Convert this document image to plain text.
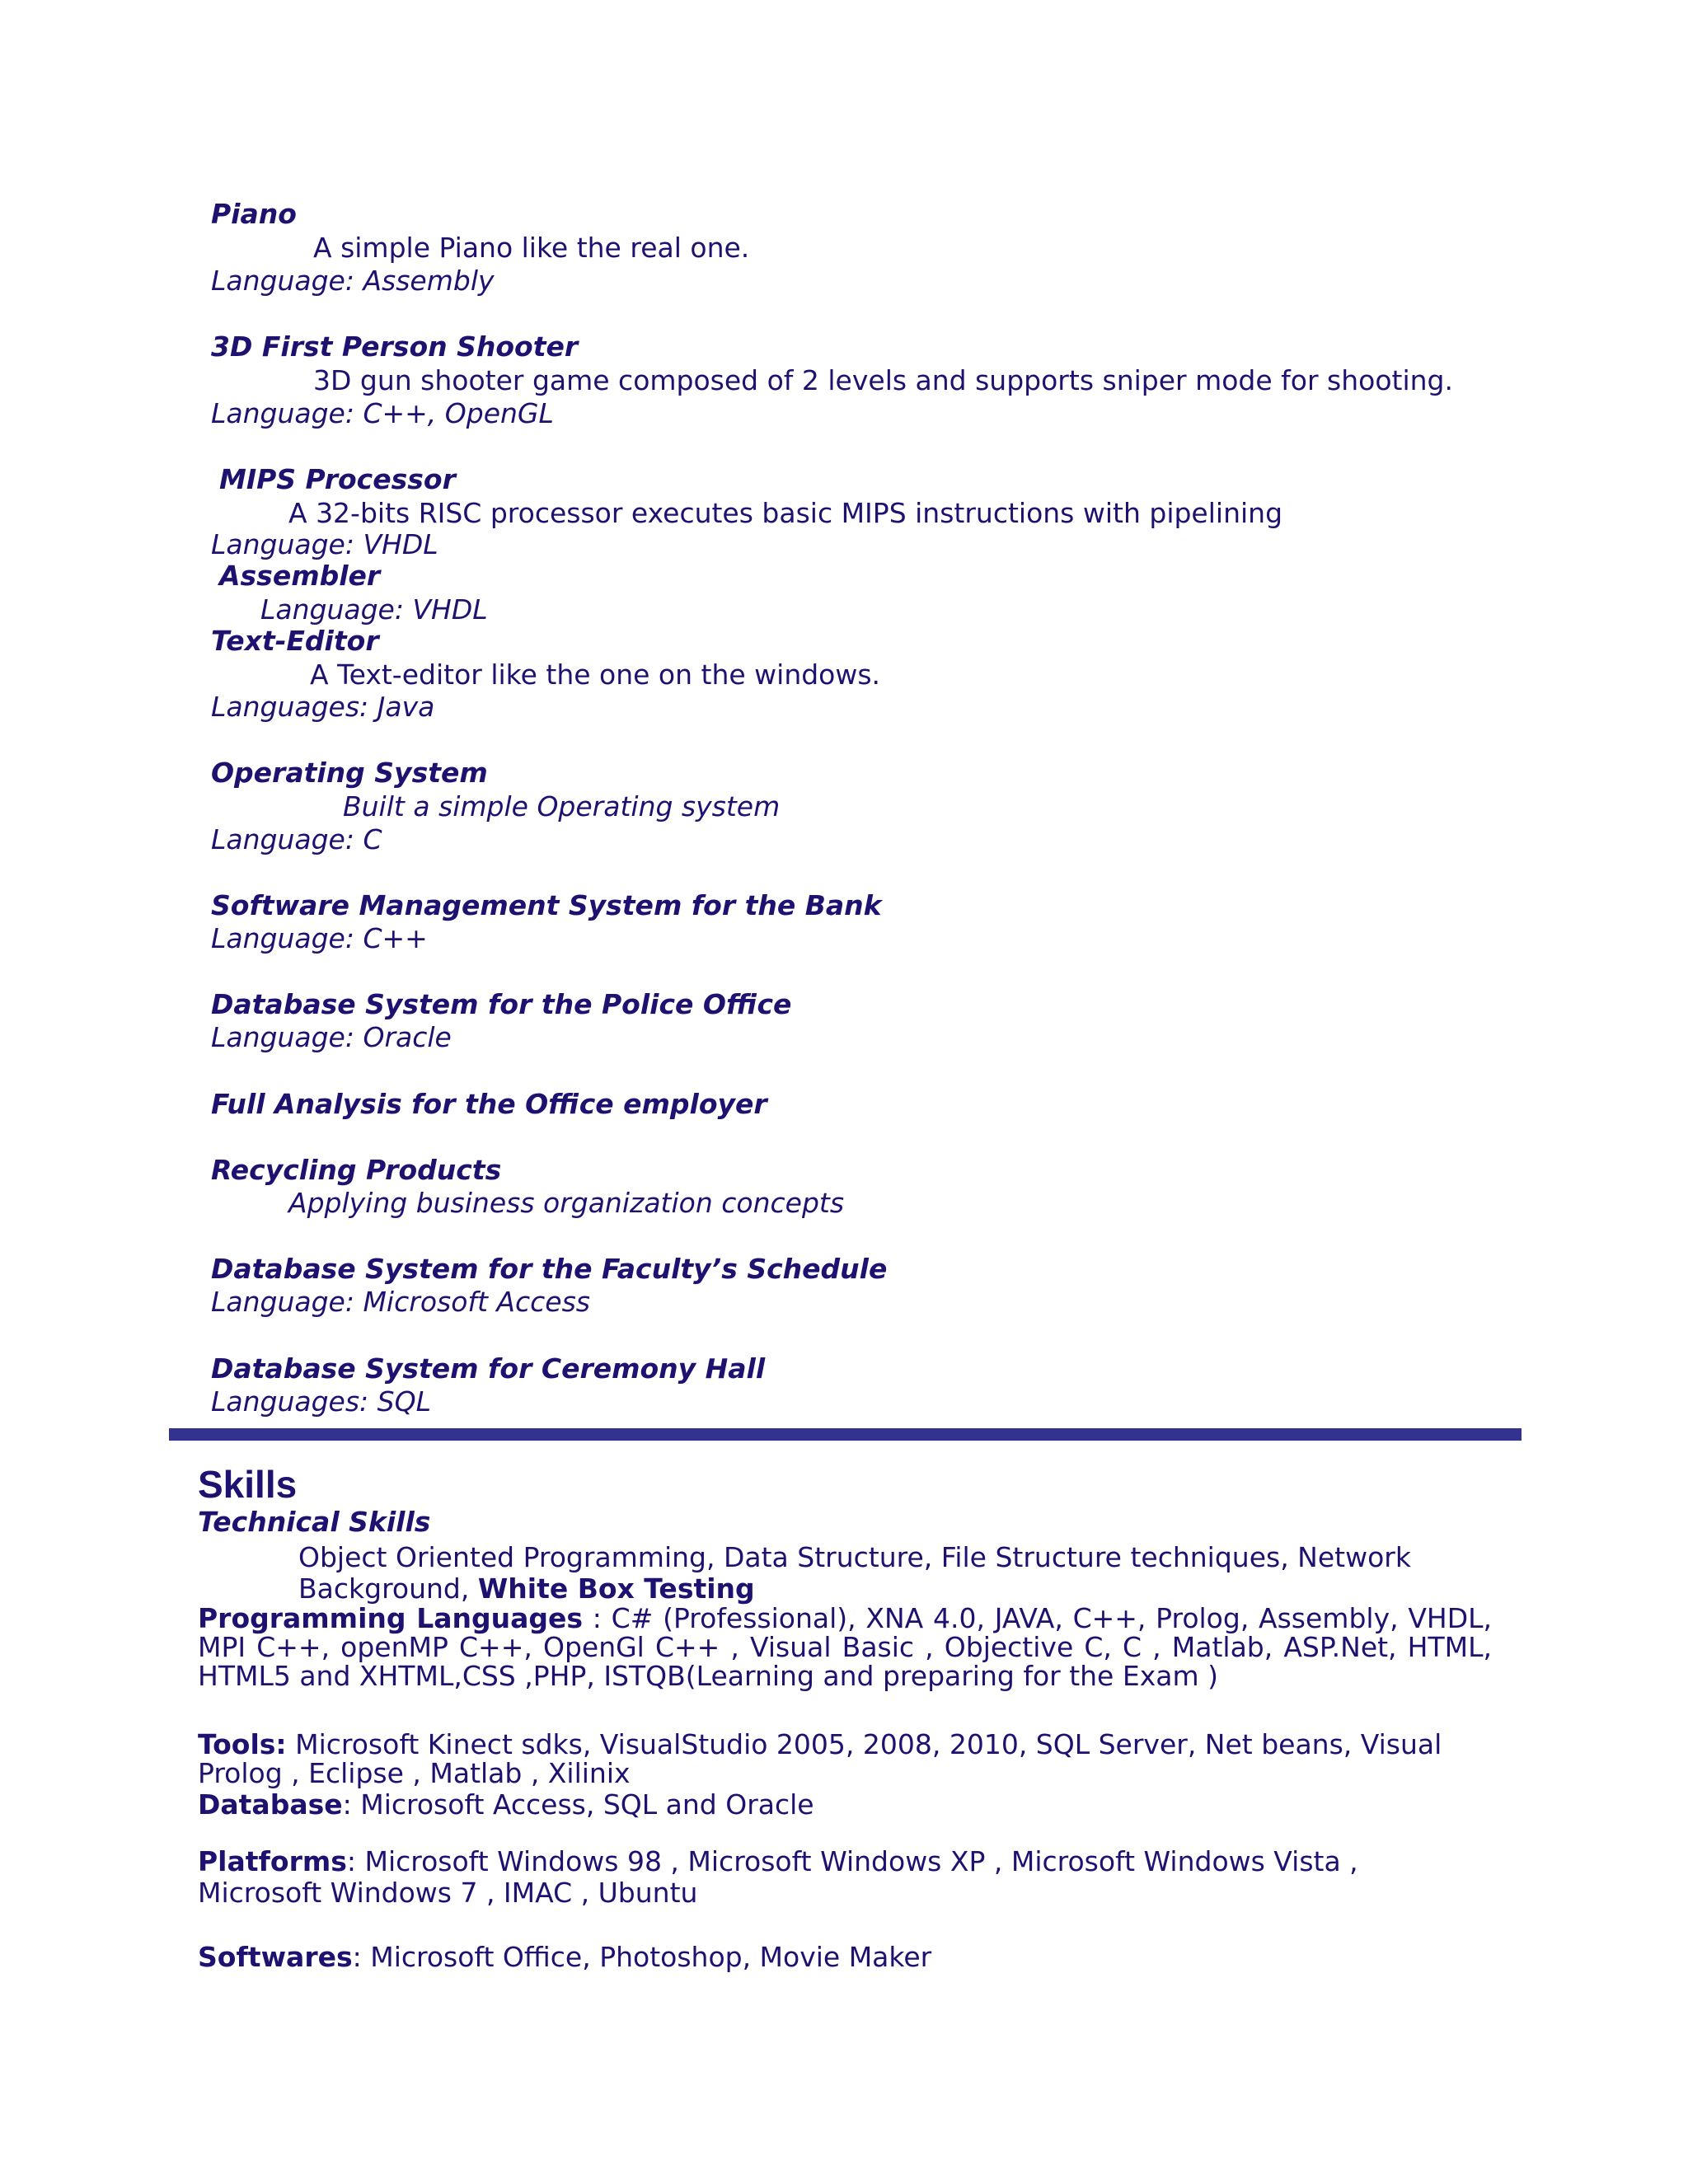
Piano
A simple Piano like the real one.
Language: Assembly
3D First Person Shooter
3D gun shooter game composed of 2 levels and supports sniper mode for shooting.
Language: C++, OpenGL
MIPS Processor
A 32-bits RISC processor executes basic MIPS instructions with pipelining
Language: VHDL
Assembler
Language: VHDL
Text-Editor
A Text-editor like the one on the windows.
Languages: Java
Operating System
Built a simple Operating system
Language: C
Software Management System for the Bank
Language: C++
Database System for the Police Office
Language: Oracle
Full Analysis for the Office employer
Recycling Products
Applying business organization concepts
Database System for the Faculty’s Schedule
Language: Microsoft Access
Database System for Ceremony Hall
Languages: SQL
Skills
Technical Skills
Object Oriented Programming, Data Structure, File Structure techniques, Network
Background, White Box Testing
Programming Languages : C# (Professional), XNA 4.0, JAVA, C++, Prolog, Assembly, VHDL, MPI C++, openMP C++, OpenGl C++ , Visual Basic , Objective C, C , Matlab, ASP.Net, HTML, HTML5 and XHTML,CSS ,PHP, ISTQB(Learning and preparing for the Exam )
Tools: Microsoft Kinect sdks, VisualStudio 2005, 2008, 2010, SQL Server, Net beans, Visual
Prolog , Eclipse , Matlab , Xilinix
Database: Microsoft Access, SQL and Oracle
Platforms: Microsoft Windows 98 , Microsoft Windows XP , Microsoft Windows Vista ,
Microsoft Windows 7 , IMAC , Ubuntu
Softwares: Microsoft Office, Photoshop, Movie Maker
